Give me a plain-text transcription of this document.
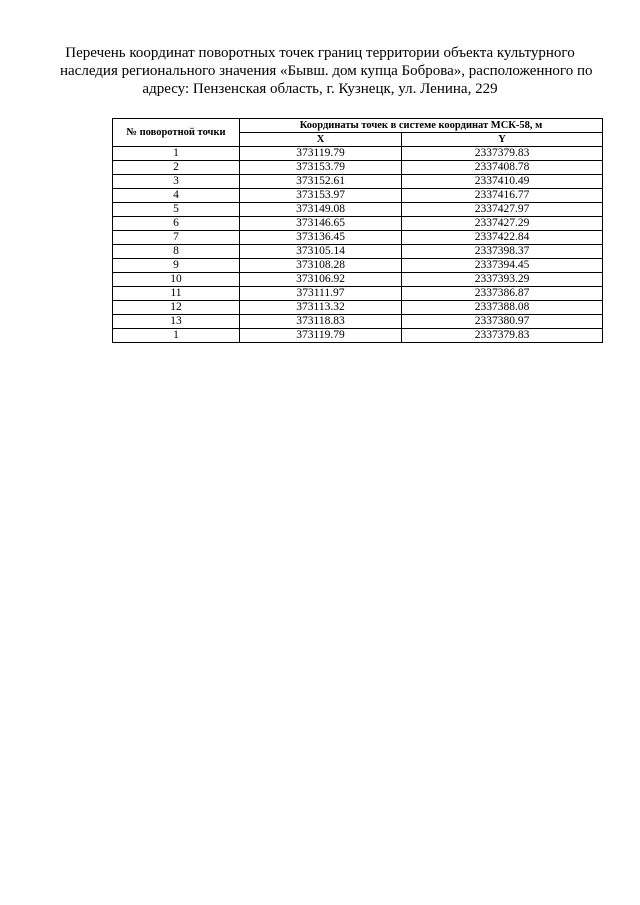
Перечень координат поворотных точек границ территории объекта культурного
наследия регионального значения «Бывш. дом купца Боброва», расположенного по
адресу: Пензенская область, г. Кузнецк, ул. Ленина, 229
№ поворотной точки	Координаты точек в системе координат МСК-58, м	
	X	Y
1	373119.79	2337379.83
2	373153.79	2337408.78
3	373152.61	2337410.49
4	373153.97	2337416.77
5	373149.08	2337427.97
6	373146.65	2337427.29
7	373136.45	2337422.84
8	373105.14	2337398.37
9	373108.28	2337394.45
10	373106.92	2337393.29
11	373111.97	2337386.87
12	373113.32	2337388.08
13	373118.83	2337380.97
1	373119.79	2337379.83
